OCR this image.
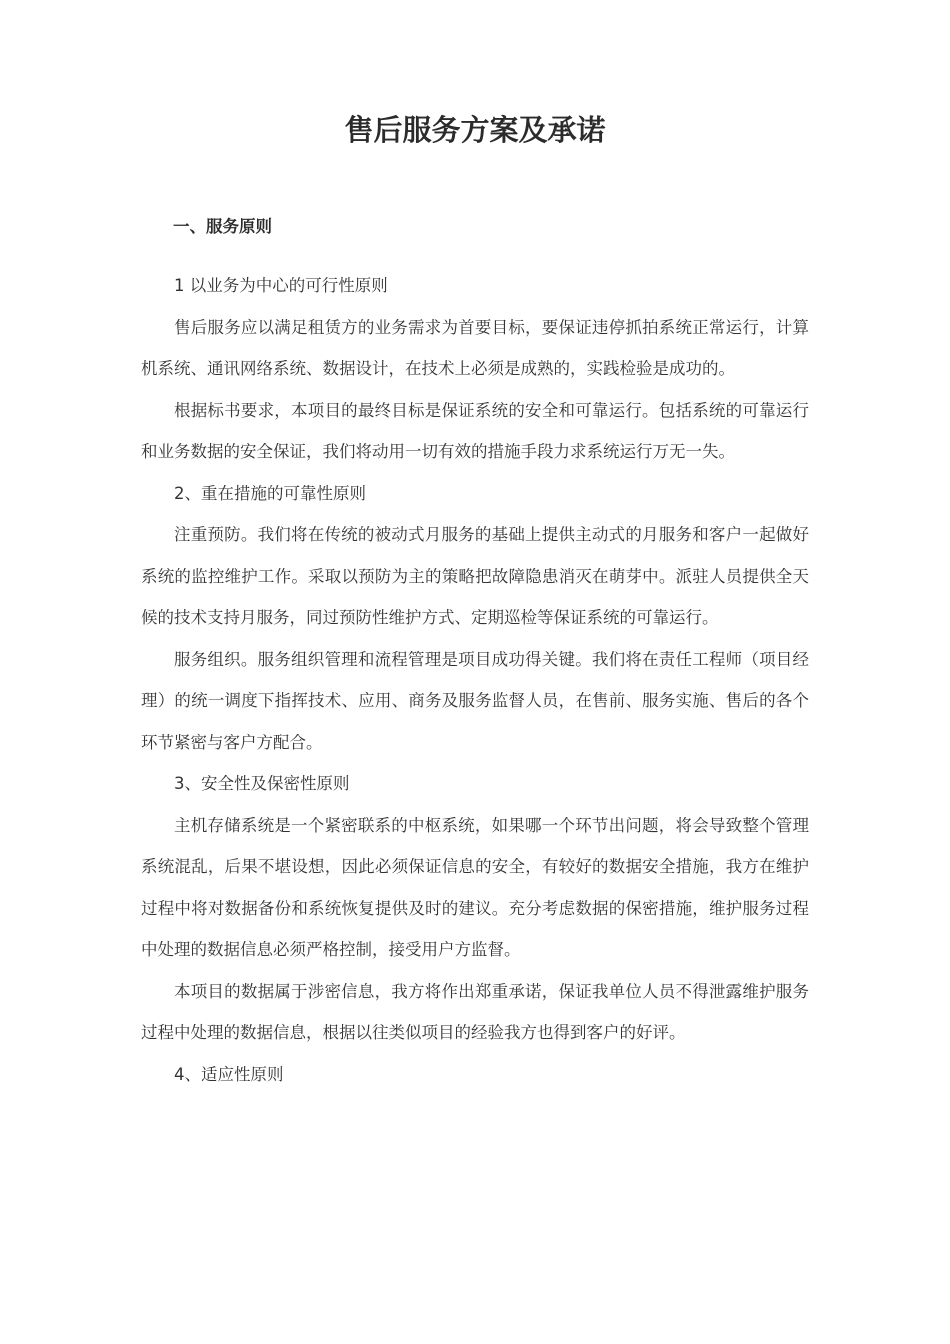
售后服务方案及承诺
一、服务原则

1 以业务为中心的可行性原则

售后服务应以满足租赁方的业务需求为首要目标，要保证违停抓拍系统正常运行，计算机系统、通讯网络系统、数据设计，在技术上必须是成熟的，实践检验是成功的。

根据标书要求，本项目的最终目标是保证系统的安全和可靠运行。包括系统的可靠运行和业务数据的安全保证，我们将动用一切有效的措施手段力求系统运行万无一失。

2、重在措施的可靠性原则

注重预防。我们将在传统的被动式月服务的基础上提供主动式的月服务和客户一起做好系统的监控维护工作。采取以预防为主的策略把故障隐患消灭在萌芽中。派驻人员提供全天候的技术支持月服务，同过预防性维护方式、定期巡检等保证系统的可靠运行。

服务组织。服务组织管理和流程管理是项目成功得关键。我们将在责任工程师（项目经理）的统一调度下指挥技术、应用、商务及服务监督人员，在售前、服务实施、售后的各个环节紧密与客户方配合。

3、安全性及保密性原则

主机存储系统是一个紧密联系的中枢系统，如果哪一个环节出问题，将会导致整个管理系统混乱，后果不堪设想，因此必须保证信息的安全，有较好的数据安全措施，我方在维护过程中将对数据备份和系统恢复提供及时的建议。充分考虑数据的保密措施，维护服务过程中处理的数据信息必须严格控制，接受用户方监督。

本项目的数据属于涉密信息，我方将作出郑重承诺，保证我单位人员不得泄露维护服务过程中处理的数据信息，根据以往类似项目的经验我方也得到客户的好评。

4、适应性原则
